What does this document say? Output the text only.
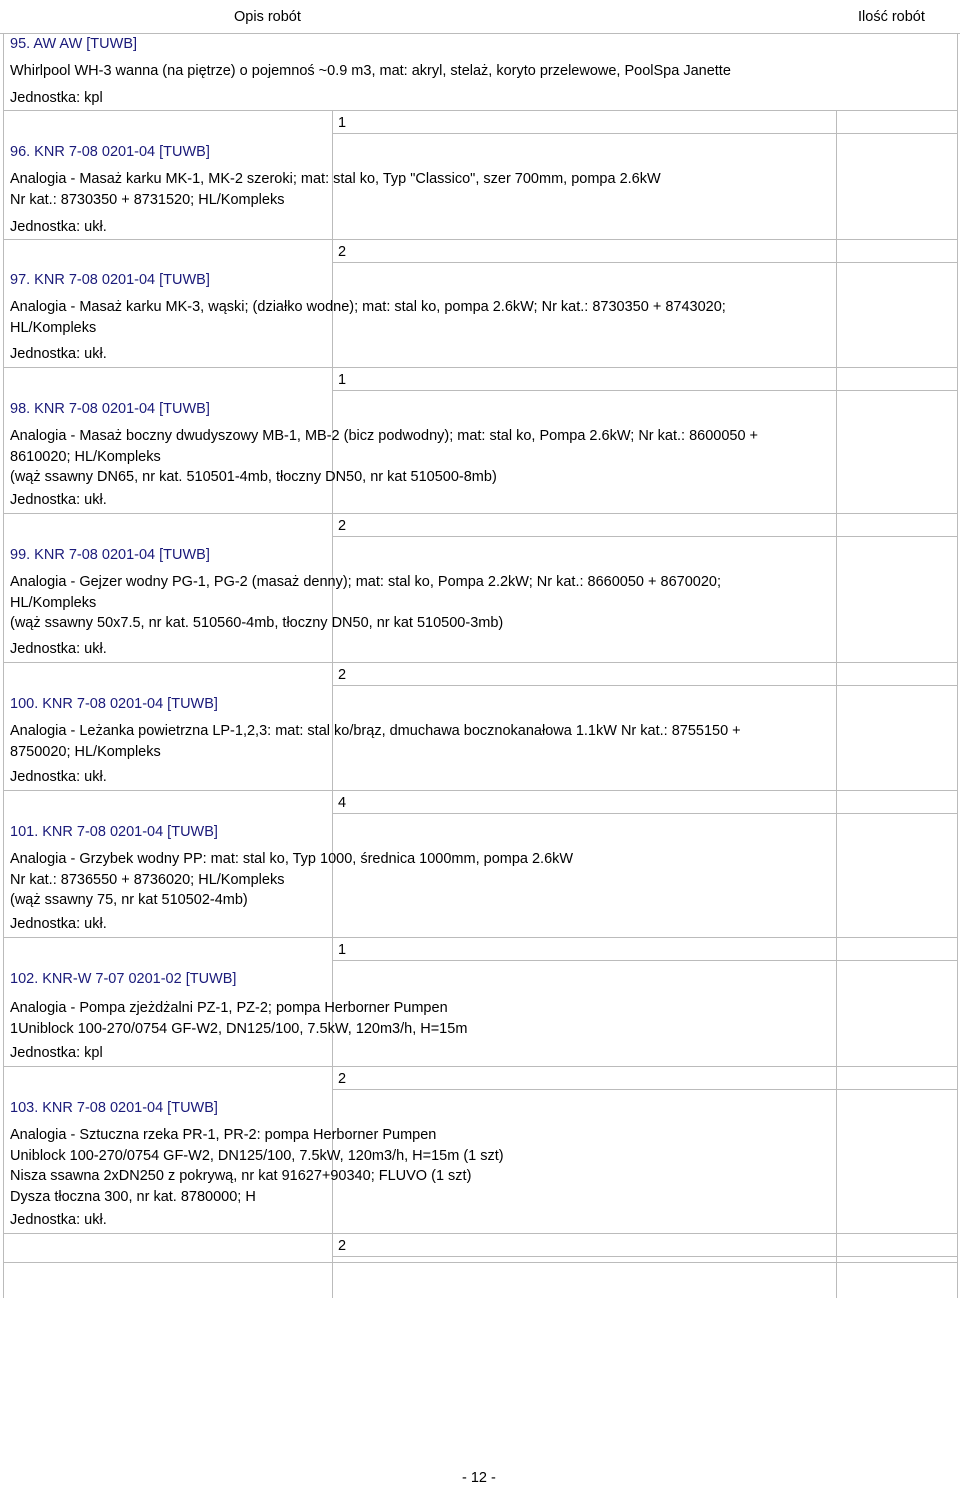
Opis robót	Ilość robót
95. AW AW [TUWB]
Whirlpool WH-3 wanna (na piętrze) o pojemnoś ~0.9 m3, mat: akryl, stelaż, koryto przelewowe, PoolSpa Janette
Jednostka: kpl
1
96. KNR 7-08 0201-04 [TUWB]
Analogia - Masaż karku MK-1, MK-2 szeroki; mat: stal ko, Typ "Classico", szer 700mm, pompa 2.6kW
Nr kat.: 8730350 + 8731520; HL/Kompleks
Jednostka: ukł.
2
97. KNR 7-08 0201-04 [TUWB]
Analogia - Masaż karku MK-3, wąski; (działko wodne); mat: stal ko, pompa 2.6kW; Nr kat.: 8730350 + 8743020;
HL/Kompleks
Jednostka: ukł.
1
98. KNR 7-08 0201-04 [TUWB]
Analogia - Masaż boczny dwudyszowy MB-1, MB-2 (bicz podwodny); mat: stal ko, Pompa 2.6kW; Nr kat.: 8600050 +
8610020; HL/Kompleks
(wąż ssawny DN65, nr kat. 510501-4mb, tłoczny DN50, nr kat 510500-8mb)
Jednostka: ukł.
2
99. KNR 7-08 0201-04 [TUWB]
Analogia - Gejzer wodny PG-1, PG-2 (masaż denny); mat: stal ko, Pompa 2.2kW; Nr kat.: 8660050 + 8670020;
HL/Kompleks
(wąż ssawny 50x7.5, nr kat. 510560-4mb, tłoczny DN50, nr kat 510500-3mb)
Jednostka: ukł.
2
100. KNR 7-08 0201-04 [TUWB]
Analogia - Leżanka powietrzna LP-1,2,3: mat: stal ko/brąz, dmuchawa bocznokanałowa 1.1kW Nr kat.: 8755150 +
8750020; HL/Kompleks
Jednostka: ukł.
4
101. KNR 7-08 0201-04 [TUWB]
Analogia - Grzybek wodny PP: mat: stal ko, Typ 1000, średnica 1000mm, pompa 2.6kW
Nr kat.: 8736550 + 8736020; HL/Kompleks
(wąż ssawny 75, nr kat 510502-4mb)
Jednostka: ukł.
1
102. KNR-W 7-07 0201-02 [TUWB]
Analogia - Pompa zjeżdżalni PZ-1, PZ-2; pompa Herborner Pumpen
1Uniblock 100-270/0754 GF-W2, DN125/100, 7.5kW, 120m3/h, H=15m
Jednostka: kpl
2
103. KNR 7-08 0201-04 [TUWB]
Analogia - Sztuczna rzeka PR-1, PR-2: pompa Herborner Pumpen
Uniblock 100-270/0754 GF-W2, DN125/100, 7.5kW, 120m3/h, H=15m (1 szt)
Nisza ssawna 2xDN250 z pokrywą, nr kat 91627+90340; FLUVO (1 szt)
Dysza tłoczna 300, nr kat. 8780000; H
Jednostka: ukł.
2
- 12 -
